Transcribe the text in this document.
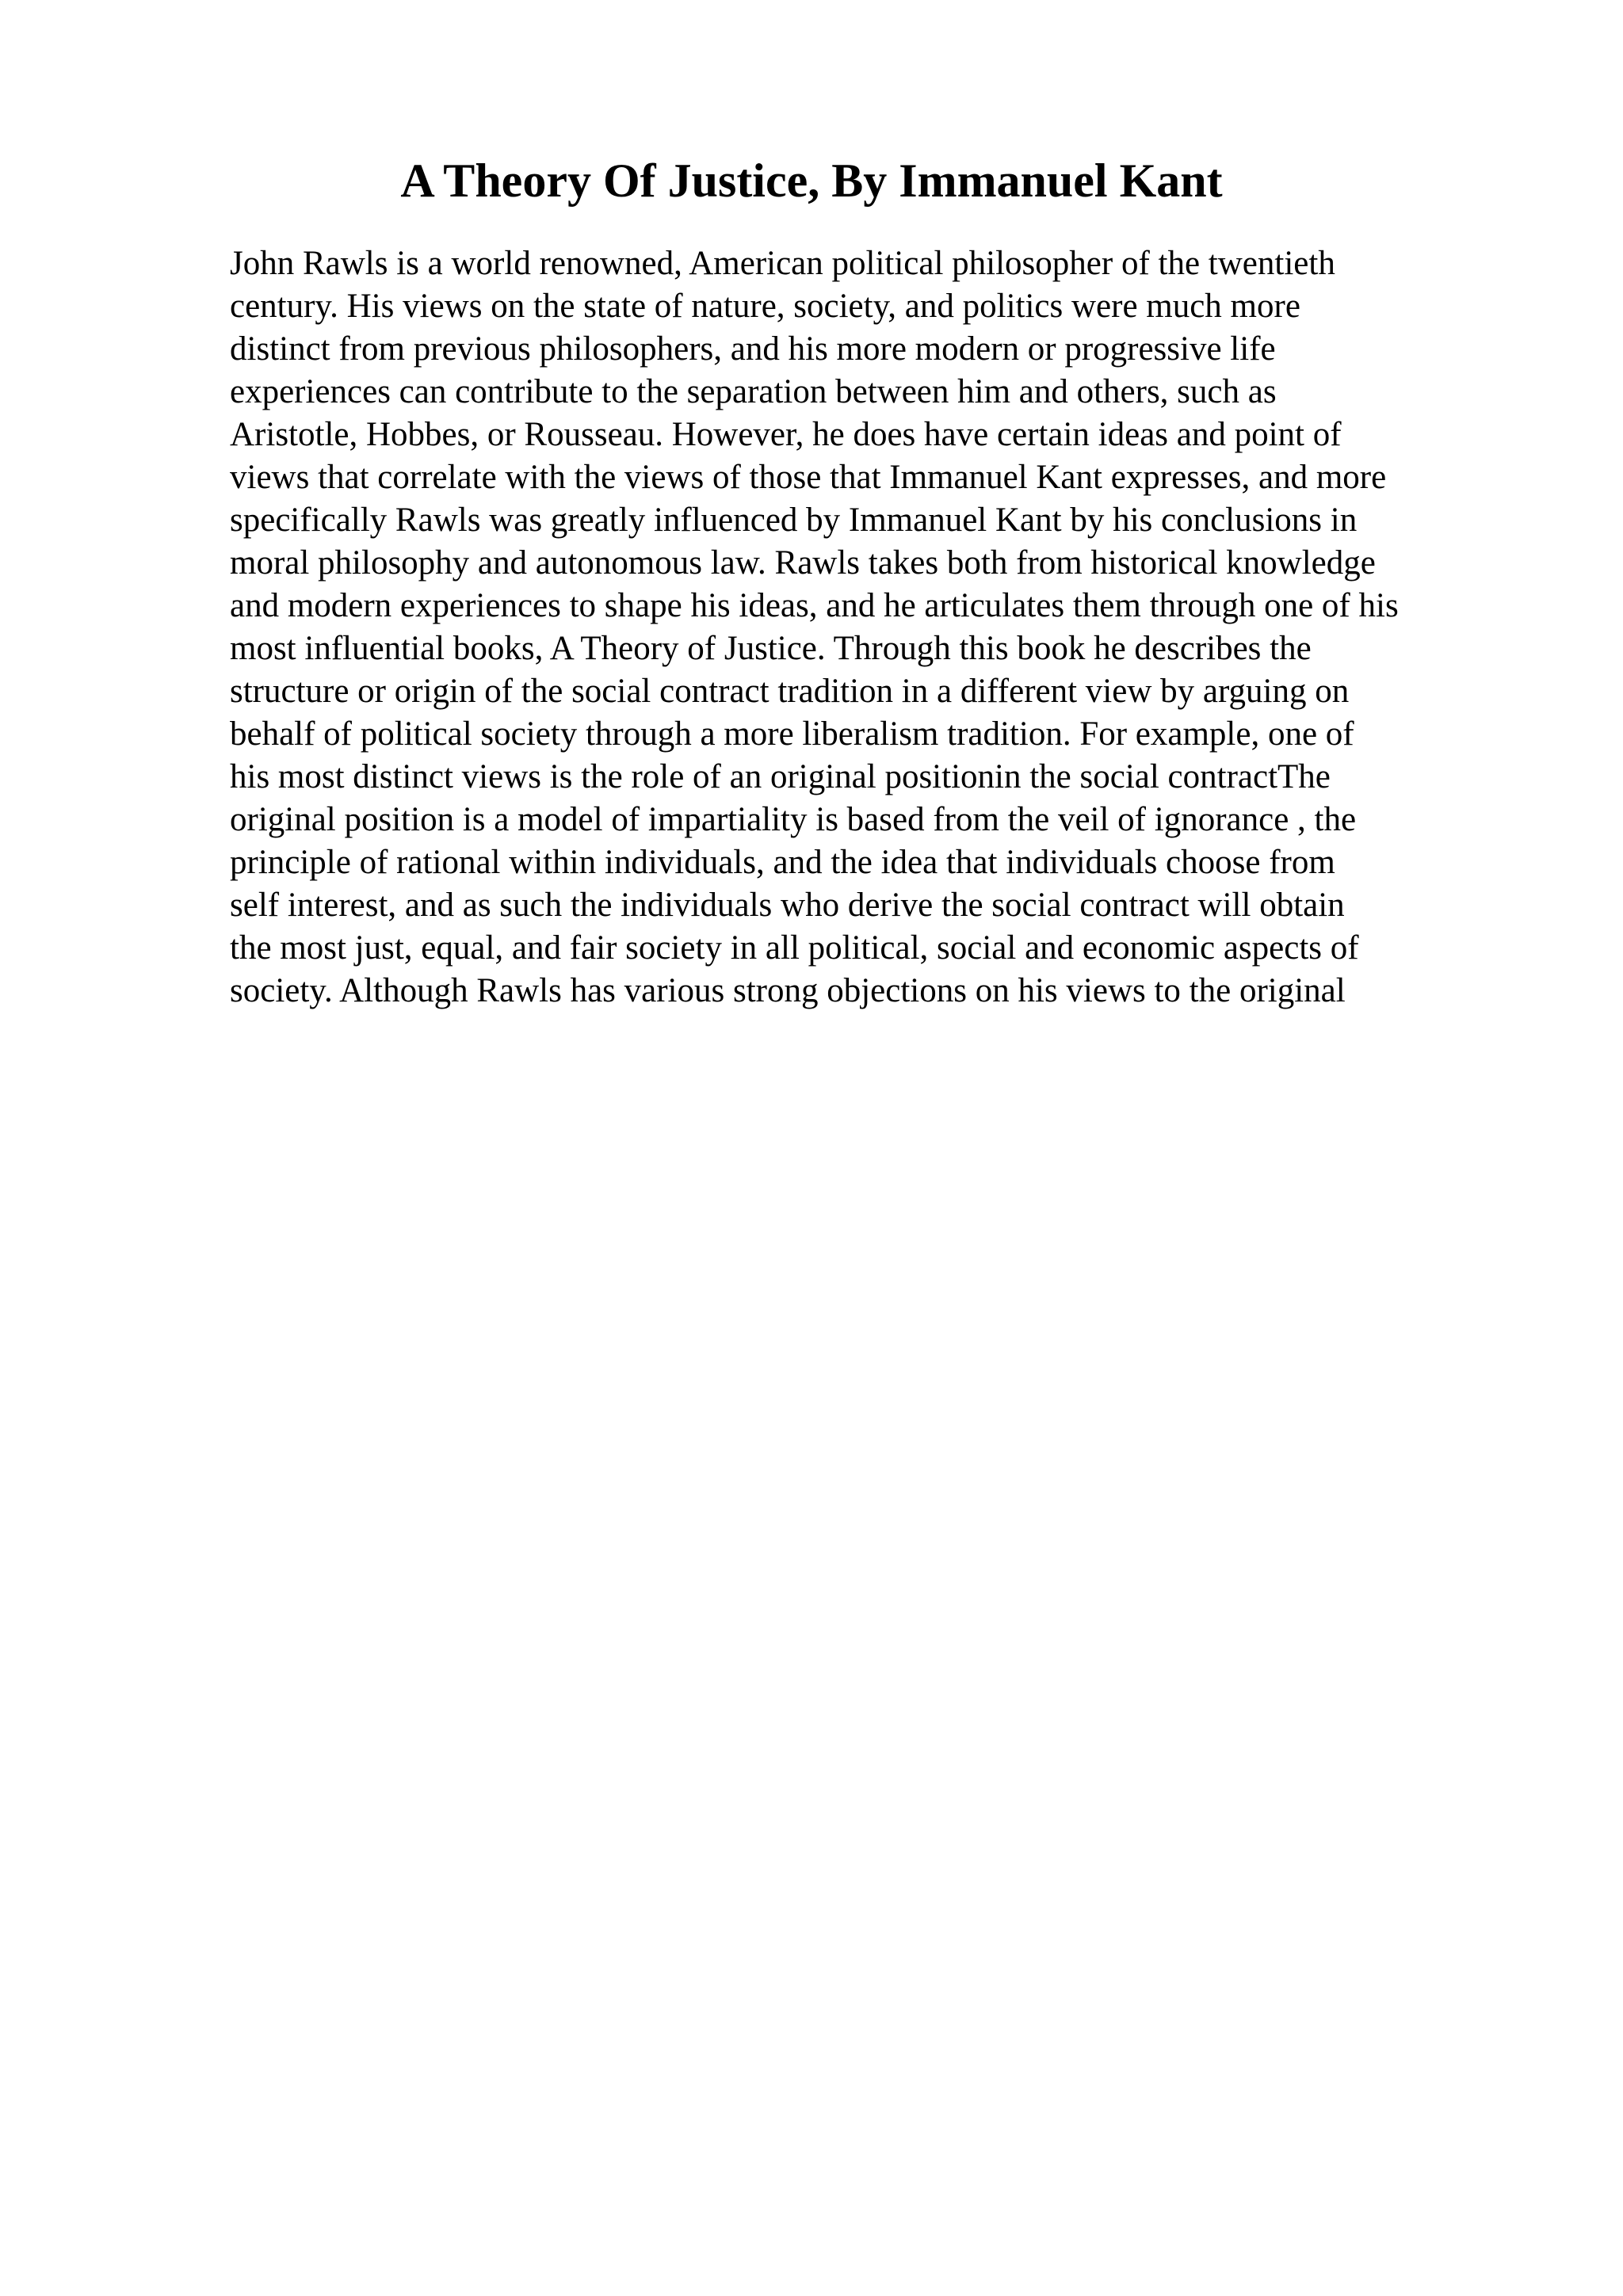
A Theory Of Justice, By Immanuel Kant

John Rawls is a world renowned, American political philosopher of the twentieth
century. His views on the state of nature, society, and politics were much more
distinct from previous philosophers, and his more modern or progressive life
experiences can contribute to the separation between him and others, such as
Aristotle, Hobbes, or Rousseau. However, he does have certain ideas and point of
views that correlate with the views of those that Immanuel Kant expresses, and more
specifically Rawls was greatly influenced by Immanuel Kant by his conclusions in
moral philosophy and autonomous law. Rawls takes both from historical knowledge
and modern experiences to shape his ideas, and he articulates them through one of his
most influential books, A Theory of Justice. Through this book he describes the
structure or origin of the social contract tradition in a different view by arguing on
behalf of political society through a more liberalism tradition. For example, one of
his most distinct views is the role of an original positionin the social contractThe
original position is a model of impartiality is based from the veil of ignorance , the
principle of rational within individuals, and the idea that individuals choose from
self interest, and as such the individuals who derive the social contract will obtain
the most just, equal, and fair society in all political, social and economic aspects of
society. Although Rawls has various strong objections on his views to the original
